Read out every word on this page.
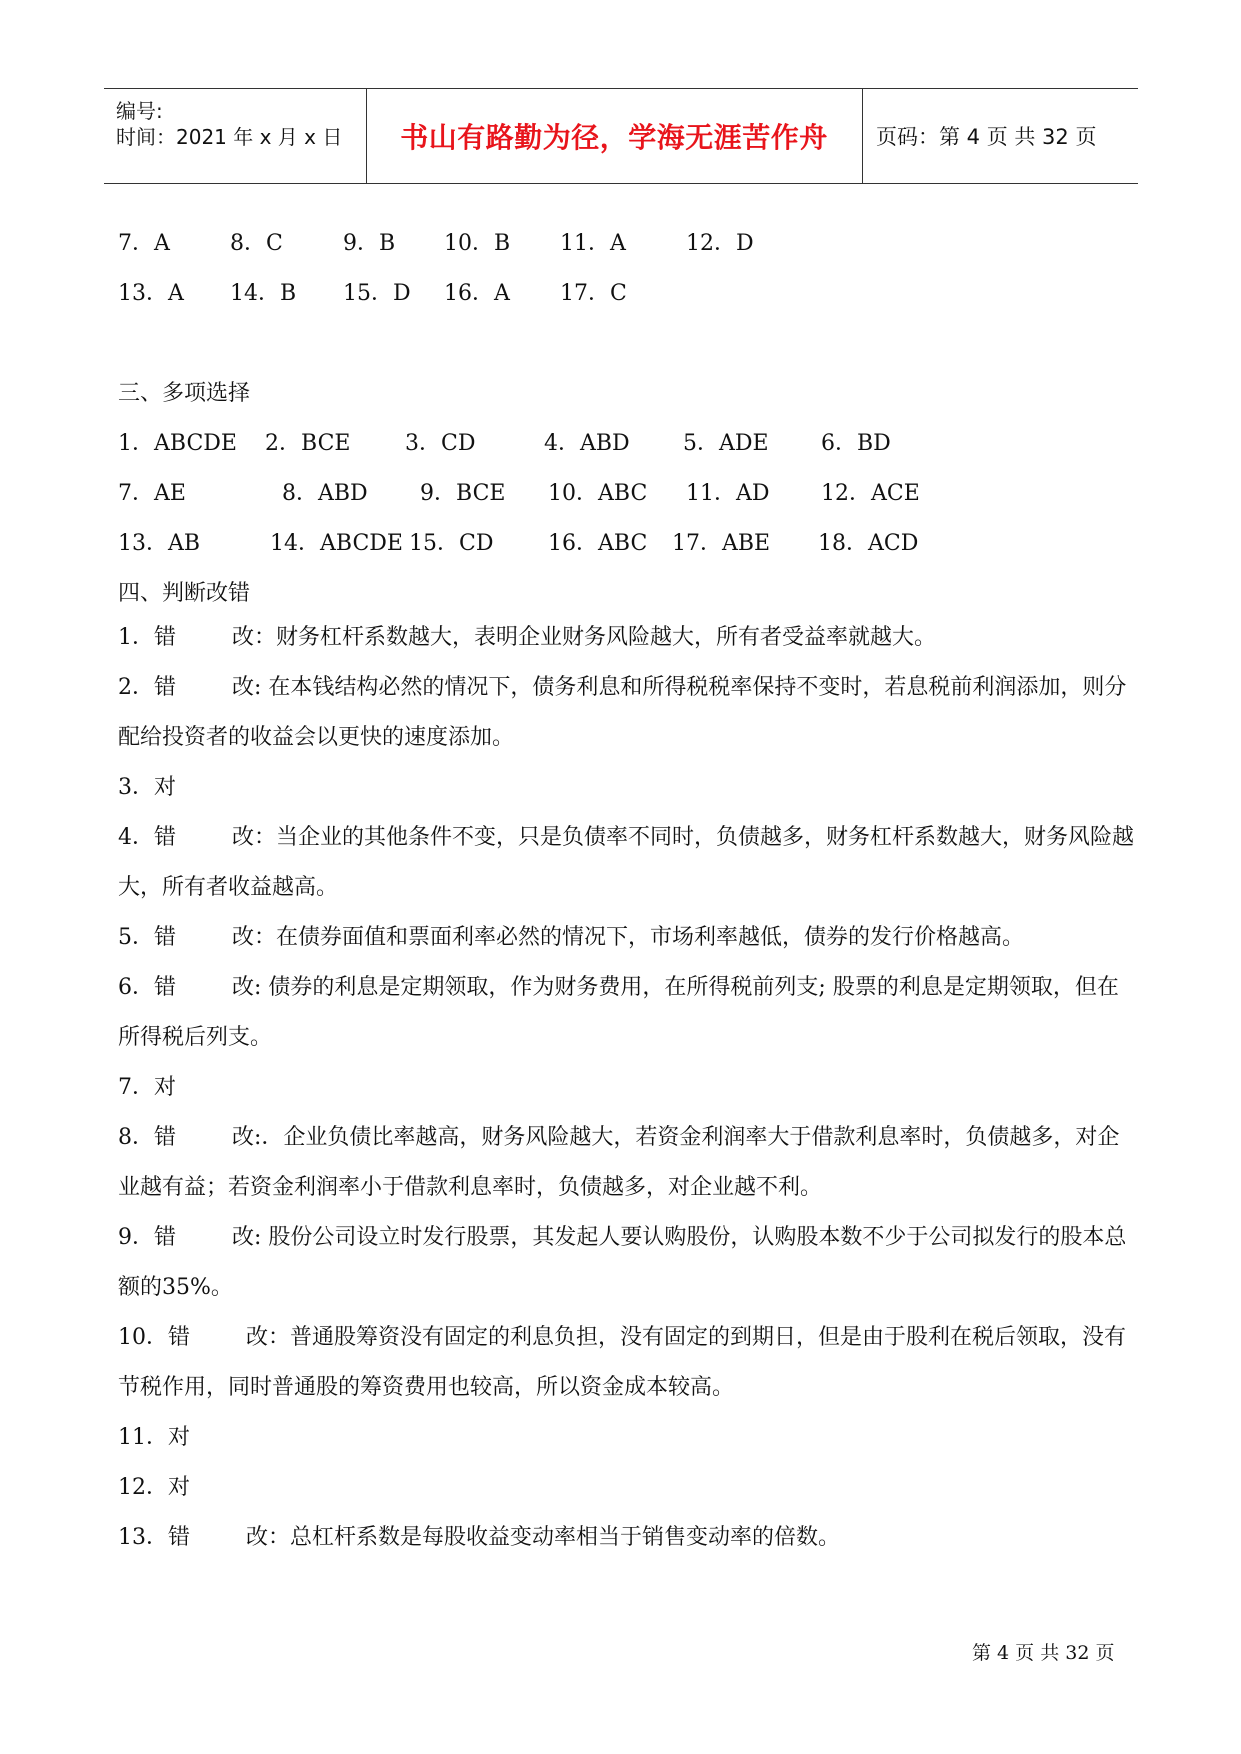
编号:
时间：2021 年 x 月 x 日	书山有路勤为径，学海无涯苦作舟	页码：第 4 页 共 32 页
7．A	8．C	9．B 10．B 11．A	12．D
13．A 14．B 15．D 16．A 17．C
三、多项选择
1．ABCDE 2．BCE 3．CD	4．ABD 5．ADE 6．BD
7．AE	8．ABD 9．BCE 10．ABC 11．AD 12．ACE
13．AB	14．ABCDE 15．CD 16．ABC 17．ABE 18．ACD
四、判断改错
1．错	改：财务杠杆系数越大，表明企业财务风险越大，所有者受益率就越大。
2．错	改: 在本钱结构必然的情况下，债务利息和所得税税率保持不变时，若息税前利润添加，则分配给投资者的收益会以更快的速度添加。
3．对
4．错	改：当企业的其他条件不变，只是负债率不同时，负债越多，财务杠杆系数越大，财务风险越大，所有者收益越高。
5．错	改：在债券面值和票面利率必然的情况下，市场利率越低，债券的发行价格越高。
6．错	改: 债券的利息是定期领取，作为财务费用，在所得税前列支; 股票的利息是定期领取，但在所得税后列支。
7．对
8．错	改:．企业负债比率越高，财务风险越大，若资金利润率大于借款利息率时，负债越多，对企业越有益；若资金利润率小于借款利息率时，负债越多，对企业越不利。
9．错	改: 股份公司设立时发行股票，其发起人要认购股份，认购股本数不少于公司拟发行的股本总额的35%。
10．错	改：普通股筹资没有固定的利息负担，没有固定的到期日，但是由于股利在税后领取，没有节税作用，同时普通股的筹资费用也较高，所以资金成本较高。
11．对
12．对
13．错	改：总杠杆系数是每股收益变动率相当于销售变动率的倍数。
第 4 页 共 32 页
